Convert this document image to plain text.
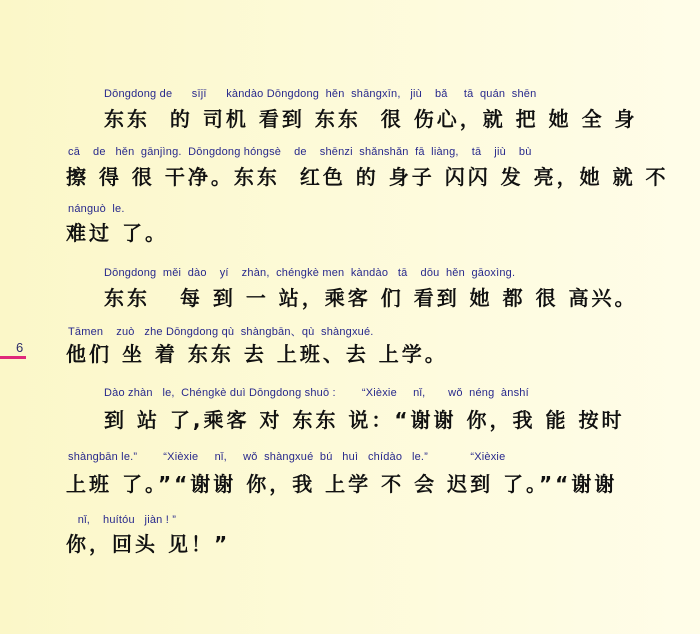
6
Dōngdong de      sījī      kàndào Dōngdong  hěn  shāngxīn,   jiù    bǎ     tā  quán  shēn
东东  的 司机 看到 东东  很 伤心，就 把 她 全 身
cā    de   hěn  gānjìng.  Dōngdong hóngsè    de    shēnzi  shǎnshǎn  fā  liàng,    tā    jiù    bù
擦 得 很 干净。东东  红色 的 身子 闪闪 发 亮，她 就 不
nánguò  le.
难过 了。
Dōngdong  měi  dào    yí    zhàn,  chéngkè men  kàndào   tā    dōu  hěn  gāoxìng.
东东   每 到 一 站，乘客 们 看到 她 都 很 高兴。
Tāmen    zuò   zhe Dōngdong qù  shàngbān、qù  shàngxué.
他们 坐 着 东东 去 上班、去 上学。
Dào zhàn   le,  Chéngkè duì Dōngdong shuō :        “Xièxie     nǐ,       wǒ  néng  ànshí
到 站 了,乘客 对 东东 说：“谢谢 你，我 能 按时
shàngbān le.”        “Xièxie     nǐ,     wǒ  shàngxué  bú   huì   chídào   le.”             “Xièxie
上班 了。”“谢谢 你，我 上学 不 会 迟到 了。”“谢谢
nǐ,    huítóu   jiàn ! ”
你，回头 见！”
